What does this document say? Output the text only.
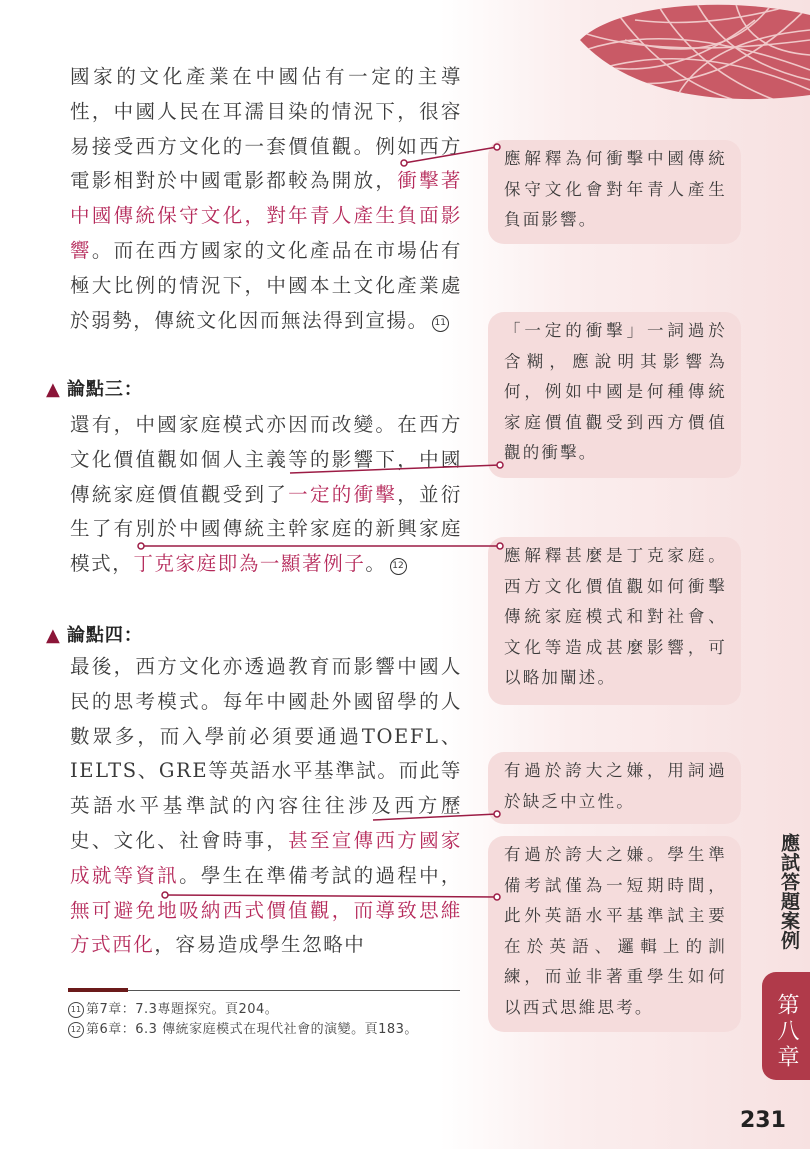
國家的文化產業在中國佔有一定的主導性，中國人民在耳濡目染的情況下，很容易接受西方文化的一套價值觀。例如西方電影相對於中國電影都較為開放，衝擊著中國傳統保守文化，對年青人產生負面影響。而在西方國家的文化產品在市場佔有極大比例的情況下，中國本土文化產業處於弱勢，傳統文化因而無法得到宣揚。 11
▲ 論點三：
還有，中國家庭模式亦因而改變。在西方文化價值觀如個人主義等的影響下，中國傳統家庭價值觀受到了一定的衝擊，並衍生了有別於中國傳統主幹家庭的新興家庭模式，丁克家庭即為一顯著例子。 12
▲ 論點四：
最後，西方文化亦透過教育而影響中國人民的思考模式。每年中國赴外國留學的人數眾多，而入學前必須要通過TOEFL、IELTS、GRE等英語水平基準試。而此等英語水平基準試的內容往往涉及西方歷史、文化、社會時事，甚至宣傳西方國家成就等資訊。學生在準備考試的過程中，無可避免地吸納西式價值觀，而導致思維方式西化，容易造成學生忽略中
應解釋為何衝擊中國傳統保守文化會對年青人產生負面影響。
「一定的衝擊」一詞過於含糊，應說明其影響為何，例如中國是何種傳統家庭價值觀受到西方價值觀的衝擊。
應解釋甚麼是丁克家庭。西方文化價值觀如何衝擊傳統家庭模式和對社會、文化等造成甚麼影響，可以略加闡述。
有過於誇大之嫌，用詞過於缺乏中立性。
有過於誇大之嫌。學生準備考試僅為一短期時間，此外英語水平基準試主要在於英語、邏輯上的訓練，而並非著重學生如何以西式思維思考。
11 第7章：7.3專題探究。頁204。
12 第6章：6.3 傳統家庭模式在現代社會的演變。頁183。
應試答題案例
第八章
231
